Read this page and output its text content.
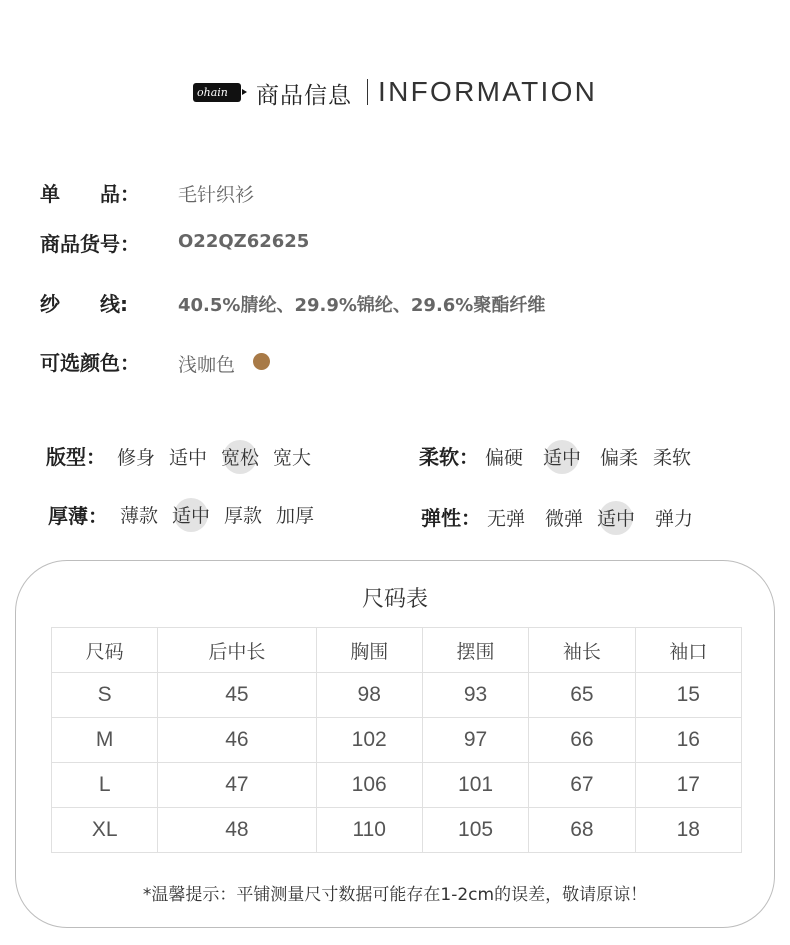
ohain	商品信息 INFORMATION
单　　品： 毛针织衫
商品货号： O22QZ62625
纱　　线:	40.5%腈纶、29.9%锦纶、29.6%聚酯纤维
可选颜色： 浅咖色
版型： 修身 适中 宽松 宽大	柔软： 偏硬 适中 偏柔 柔软
厚薄： 薄款 适中 厚款 加厚	弹性： 无弹 微弹 适中 弹力
尺码表
尺码	后中长	胸围	摆围	袖长	袖口
S	45	98	93	65	15
M	46	102	97	66	16
L	47	106	101	67	17
XL	48	110	105	68	18
*温馨提示：平铺测量尺寸数据可能存在1-2cm的误差，敬请原谅！
